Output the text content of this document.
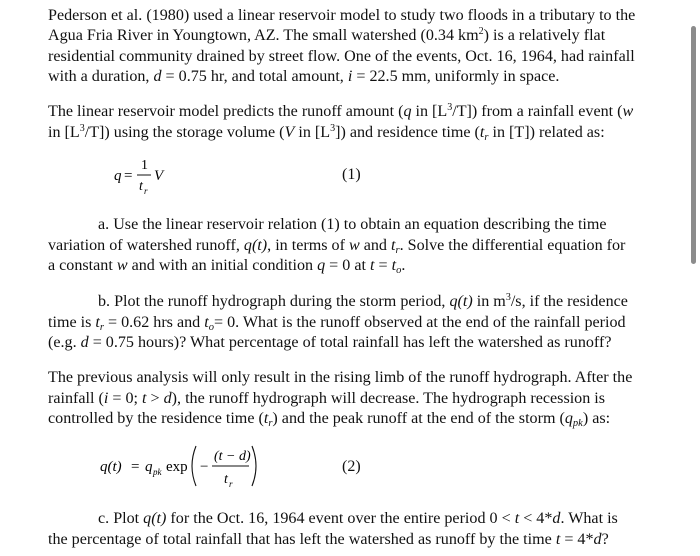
Pederson et al. (1980) used a linear reservoir model to study two floods in a tributary to the

Agua Fria River in Youngtown, AZ. The small watershed (0.34 $km^2$) is a relatively flat

residential community drained by street flow. One of the events, Oct. 16, 1964, had rainfall

with a duration, d = 0.75 hr, and total amount, i = 22.5 mm, uniformly in space.

The linear reservoir model predicts the runoff amount (q in $[L^3/T]$) from a rainfall event (w

in $[L^3/T]$) using the storage volume (V in $[L^3]$) and residence time ($t_r$ in [T]) related as:

q =
1
t r
V	(1)

a. Use the linear reservoir relation (1) to obtain an equation describing the time

variation of watershed runoff, q(t), in terms of w and $t_r$. Solve the differential equation for

a constant w and with an initial condition q = 0 at $t = t_o$.

b. Plot the runoff hydrograph during the storm period, q(t) in $m^3/s$, if the residence

time is $t_r = 0.62$ hrs and $t_o= 0$. What is the runoff observed at the end of the rainfall period

(e.g. d = 0.75 hours)? What percentage of total rainfall has left the watershed as runoff?

The previous analysis will only result in the rising limb of the runoff hydrograph. After the

rainfall (i = 0; t > d), the runoff hydrograph will decrease. The hydrograph recession is

controlled by the residence time $(t_r)$ and the peak runoff at the end of the storm $(q_{pk})$ as:

q(t) = q pk exp −
(t − d)
t r
(2)

c. Plot q(t) for the Oct. 16, 1964 event over the entire period 0 < t < 4*d. What is

the percentage of total rainfall that has left the watershed as runoff by the time t = 4*d?
